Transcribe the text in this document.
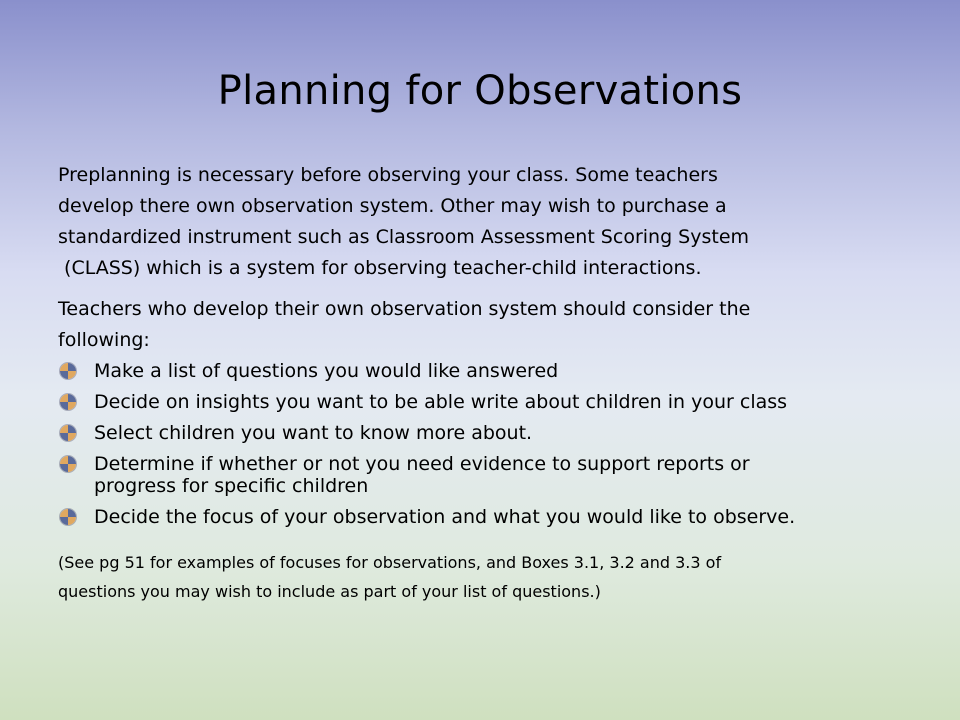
Planning for Observations

Preplanning is necessary before observing your class. Some teachers
develop there own observation system. Other may wish to purchase a
standardized instrument such as Classroom Assessment Scoring System
(CLASS) which is a system for observing teacher-child interactions.

Teachers who develop their own observation system should consider the
following:

Make a list of questions you would like answered
Decide on insights you want to be able write about children in your class
Select children you want to know more about.
Determine if whether or not you need evidence to support reports or
progress for specific children
Decide the focus of your observation and what you would like to observe.

(See pg 51 for examples of focuses for observations, and Boxes 3.1, 3.2 and 3.3 of
questions you may wish to include as part of your list of questions.)
